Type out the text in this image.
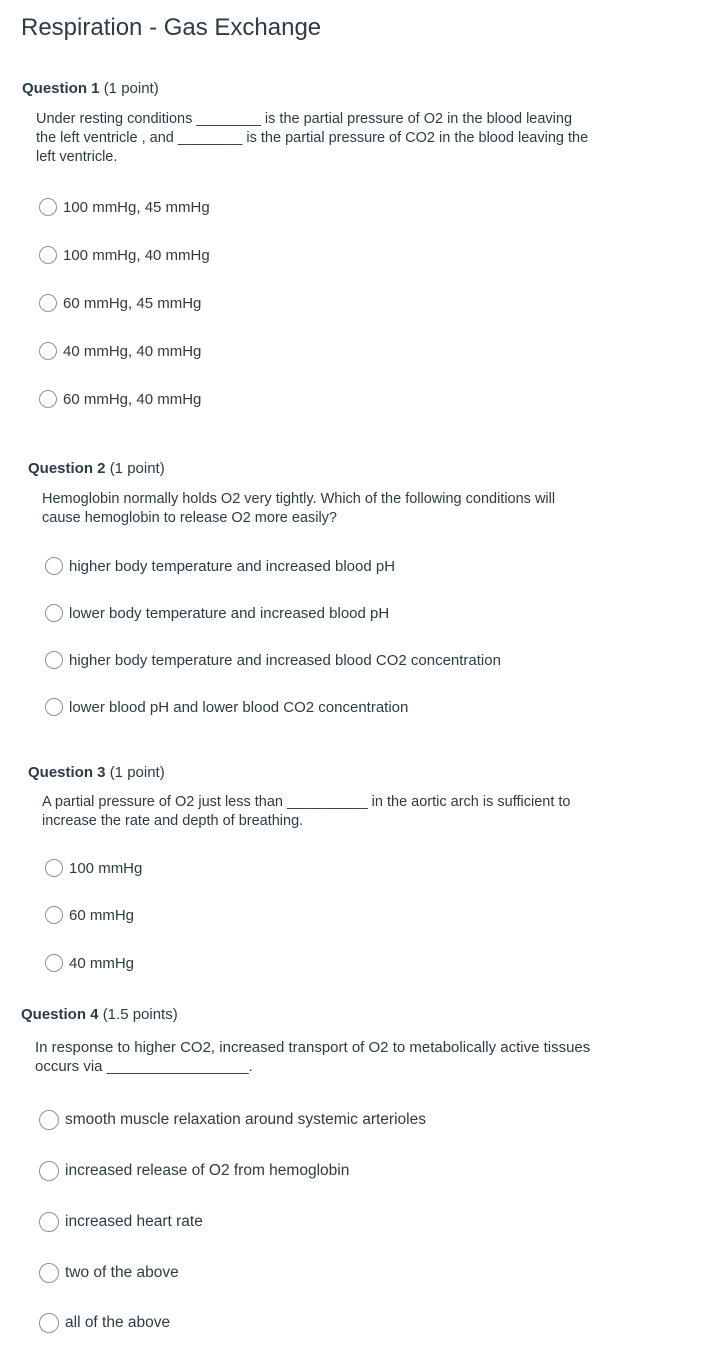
Respiration - Gas Exchange
Question 1 (1 point)
Under resting conditions ________ is the partial pressure of O2 in the blood leaving
the left ventricle , and ________ is the partial pressure of CO2 in the blood leaving the
left ventricle.
100 mmHg, 45 mmHg
100 mmHg, 40 mmHg
60 mmHg, 45 mmHg
40 mmHg, 40 mmHg
60 mmHg, 40 mmHg
Question 2 (1 point)
Hemoglobin normally holds O2 very tightly. Which of the following conditions will
cause hemoglobin to release O2 more easily?
higher body temperature and increased blood pH
lower body temperature and increased blood pH
higher body temperature and increased blood CO2 concentration
lower blood pH and lower blood CO2 concentration
Question 3 (1 point)
A partial pressure of O2 just less than __________ in the aortic arch is sufficient to
increase the rate and depth of breathing.
100 mmHg
60 mmHg
40 mmHg
Question 4 (1.5 points)
In response to higher CO2, increased transport of O2 to metabolically active tissues
occurs via _________________.
smooth muscle relaxation around systemic arterioles
increased release of O2 from hemoglobin
increased heart rate
two of the above
all of the above
